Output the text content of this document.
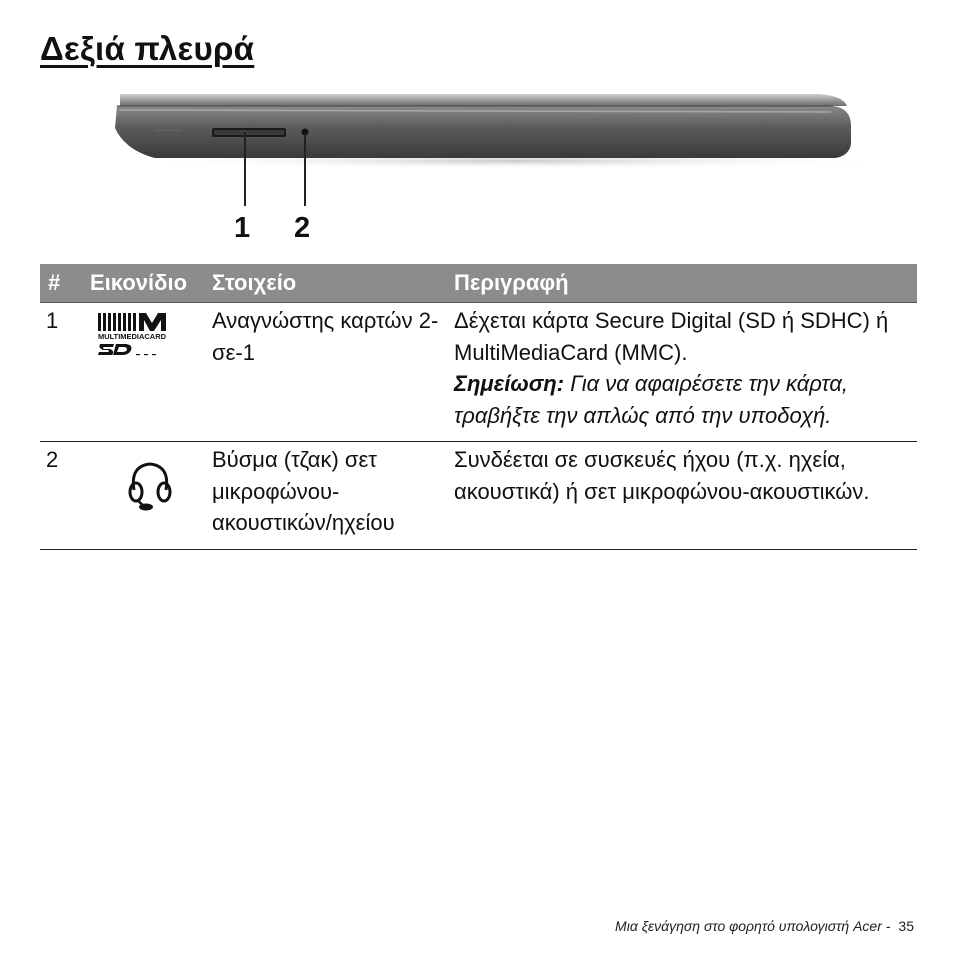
Δεξιά πλευρά
— — —
1 2
#	Εικονίδιο	Στοιχείο	Περιγραφή
1	MULTIMEDIACARD	Αναγνώστης καρτών 2-σε-1	Δέχεται κάρτα Secure Digital (SD ή SDHC) ή MultiMediaCard (MMC).
Σημείωση: Για να αφαιρέσετε την κάρτα, τραβήξτε την απλώς από την υποδοχή.
2		Βύσμα (τζακ) σετ μικροφώνου-ακουστικών/ηχείου	Συνδέεται σε συσκευές ήχου (π.χ. ηχεία, ακουστικά) ή σετ μικροφώνου-ακουστικών.
Μια ξενάγηση στο φορητό υπολογιστή Acer - 35
